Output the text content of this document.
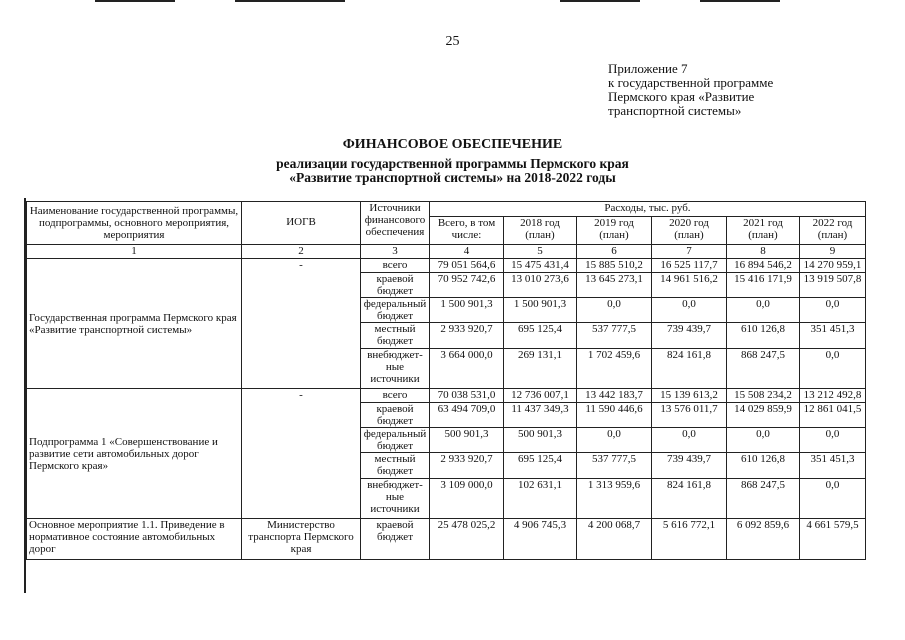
25
Приложение 7
к государственной программе
Пермского края «Развитие
транспортной системы»
ФИНАНСОВОЕ ОБЕСПЕЧЕНИЕ
реализации государственной программы Пермского края
«Развитие транспортной системы» на 2018-2022 годы
Наименование государственной программы, подпрограммы, основного мероприятия, мероприятия	ИОГВ	Источники финансового обеспечения	Расходы, тыс. руб.					
			Всего, в том числе:	2018 год (план)	2019 год (план)	2020 год (план)	2021 год (план)	2022 год (план)
1	2	3	4	5	6	7	8	9
Государственная программа Пермского края «Развитие транспортной системы»	-	всего	79 051 564,6	15 475 431,4	15 885 510,2	16 525 117,7	16 894 546,2	14 270 959,1
		краевой бюджет	70 952 742,6	13 010 273,6	13 645 273,1	14 961 516,2	15 416 171,9	13 919 507,8
		федеральный бюджет	1 500 901,3	1 500 901,3	0,0	0,0	0,0	0,0
		местный бюджет	2 933 920,7	695 125,4	537 777,5	739 439,7	610 126,8	351 451,3
		внебюджет-ные источники	3 664 000,0	269 131,1	1 702 459,6	824 161,8	868 247,5	0,0
Подпрограмма 1 «Совершенствование и развитие сети автомобильных дорог Пермского края»	-	всего	70 038 531,0	12 736 007,1	13 442 183,7	15 139 613,2	15 508 234,2	13 212 492,8
		краевой бюджет	63 494 709,0	11 437 349,3	11 590 446,6	13 576 011,7	14 029 859,9	12 861 041,5
		федеральный бюджет	500 901,3	500 901,3	0,0	0,0	0,0	0,0
		местный бюджет	2 933 920,7	695 125,4	537 777,5	739 439,7	610 126,8	351 451,3
		внебюджет-ные источники	3 109 000,0	102 631,1	1 313 959,6	824 161,8	868 247,5	0,0
Основное мероприятие 1.1. Приведение в нормативное состояние автомобильных дорог	Министерство транспорта Пермского края	краевой бюджет	25 478 025,2	4 906 745,3	4 200 068,7	5 616 772,1	6 092 859,6	4 661 579,5
